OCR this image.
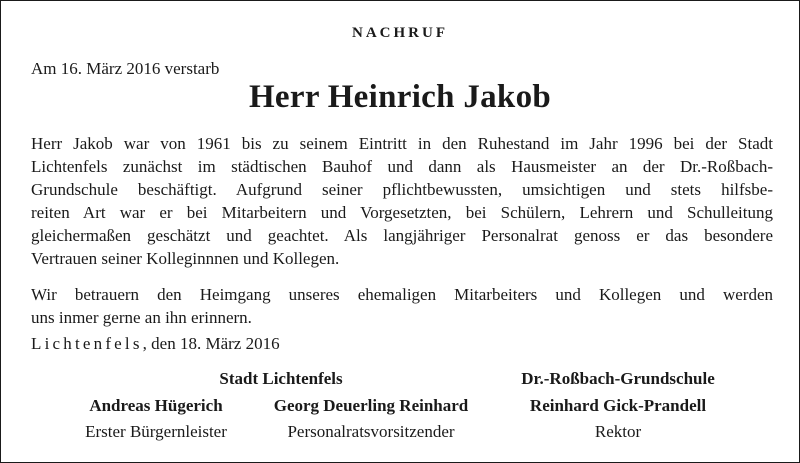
NACHRUF
Am 16. März 2016 verstarb
Herr Heinrich Jakob

Herr Jakob war von 1961 bis zu seinem Eintritt in den Ruhestand im Jahr 1996 bei der Stadt
Lichtenfels zunächst im städtischen Bauhof und dann als Hausmeister an der Dr.-Roßbach-
Grundschule beschäftigt. Aufgrund seiner pflichtbewussten, umsichtigen und stets hilfsbe-
reiten Art war er bei Mitarbeitern und Vorgesetzten, bei Schülern, Lehrern und Schulleitung
gleichermaßen geschätzt und geachtet. Als langjähriger Personalrat genoss er das besondere
Vertrauen seiner Kolleginnnen und Kollegen.

Wir betrauern den Heimgang unseres ehemaligen Mitarbeiters und Kollegen und werden
uns inmer gerne an ihn erinnern.

Lichtenfels, den 18. März 2016
Stadt Lichtenfels	Dr.-Roßbach-Grundschule
Andreas Hügerich	Georg Deuerling Reinhard	Reinhard Gick-Prandell
Erster Bürgernleister	Personalratsvorsitzender	Rektor
